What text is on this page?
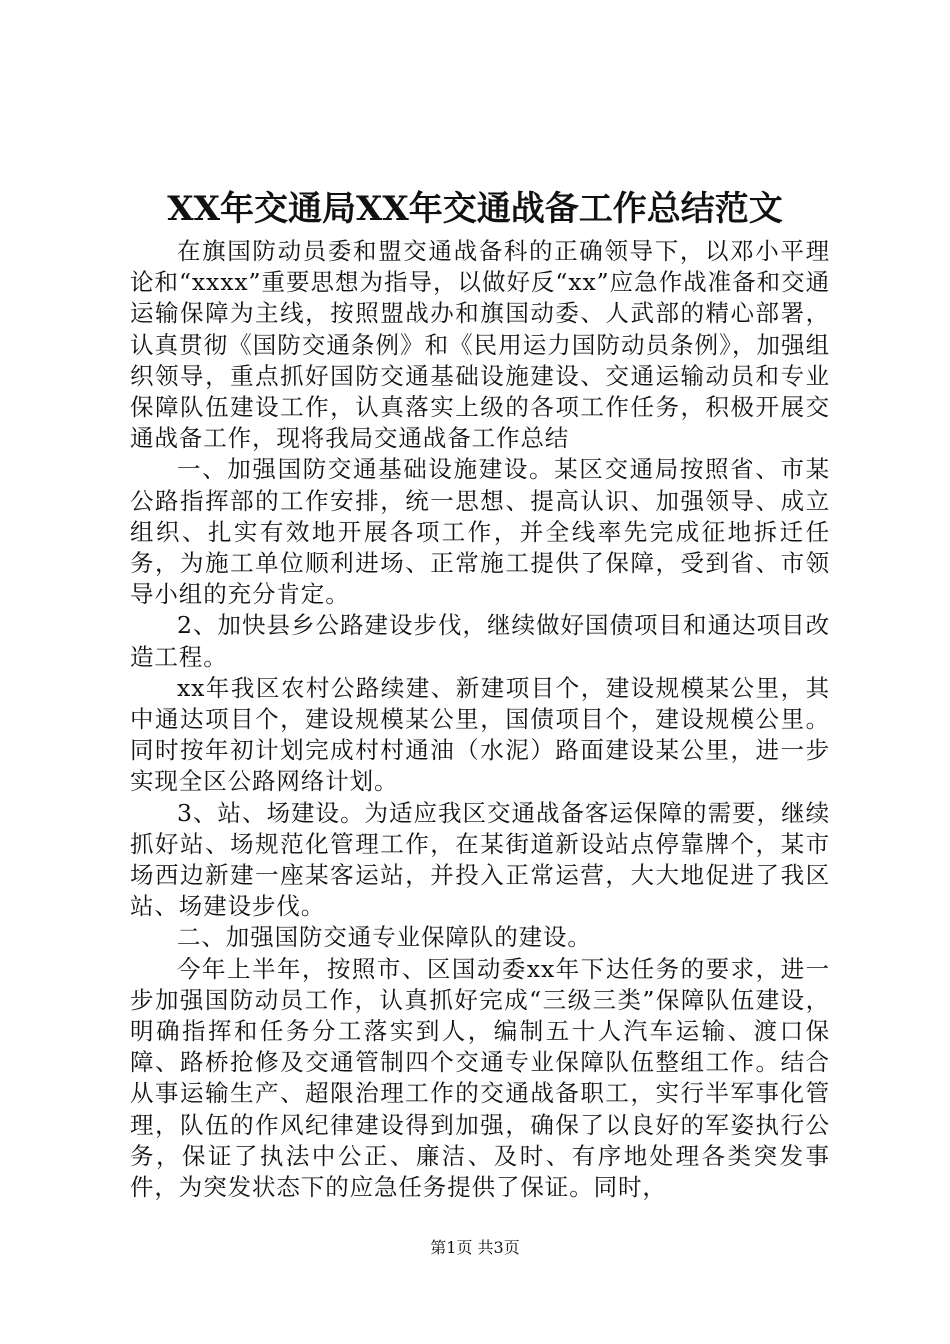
XX年交通局XX年交通战备工作总结范文

在旗国防动员委和盟交通战备科的正确领导下，以邓小平理论和“xxxx”重要思想为指导，以做好反“xx”应急作战准备和交通运输保障为主线，按照盟战办和旗国动委、人武部的精心部署，认真贯彻《国防交通条例》和《民用运力国防动员条例》，加强组织领导，重点抓好国防交通基础设施建设、交通运输动员和专业保障队伍建设工作，认真落实上级的各项工作任务，积极开展交通战备工作，现将我局交通战备工作总结

一、加强国防交通基础设施建设。某区交通局按照省、市某公路指挥部的工作安排，统一思想、提高认识、加强领导、成立组织、扎实有效地开展各项工作，并全线率先完成征地拆迁任务，为施工单位顺利进场、正常施工提供了保障，受到省、市领导小组的充分肯定。

2、加快县乡公路建设步伐，继续做好国债项目和通达项目改造工程。

xx年我区农村公路续建、新建项目个，建设规模某公里，其中通达项目个，建设规模某公里，国债项目个，建设规模公里。同时按年初计划完成村村通油（水泥）路面建设某公里，进一步实现全区公路网络计划。

3、站、场建设。为适应我区交通战备客运保障的需要，继续抓好站、场规范化管理工作，在某街道新设站点停靠牌个，某市场西边新建一座某客运站，并投入正常运营，大大地促进了我区站、场建设步伐。

二、加强国防交通专业保障队的建设。

今年上半年，按照市、区国动委xx年下达任务的要求，进一步加强国防动员工作，认真抓好完成“三级三类”保障队伍建设，明确指挥和任务分工落实到人，编制五十人汽车运输、渡口保障、路桥抢修及交通管制四个交通专业保障队伍整组工作。结合从事运输生产、超限治理工作的交通战备职工，实行半军事化管理，队伍的作风纪律建设得到加强，确保了以良好的军姿执行公务，保证了执法中公正、廉洁、及时、有序地处理各类突发事件，为突发状态下的应急任务提供了保证。同时，

第1页 共3页
